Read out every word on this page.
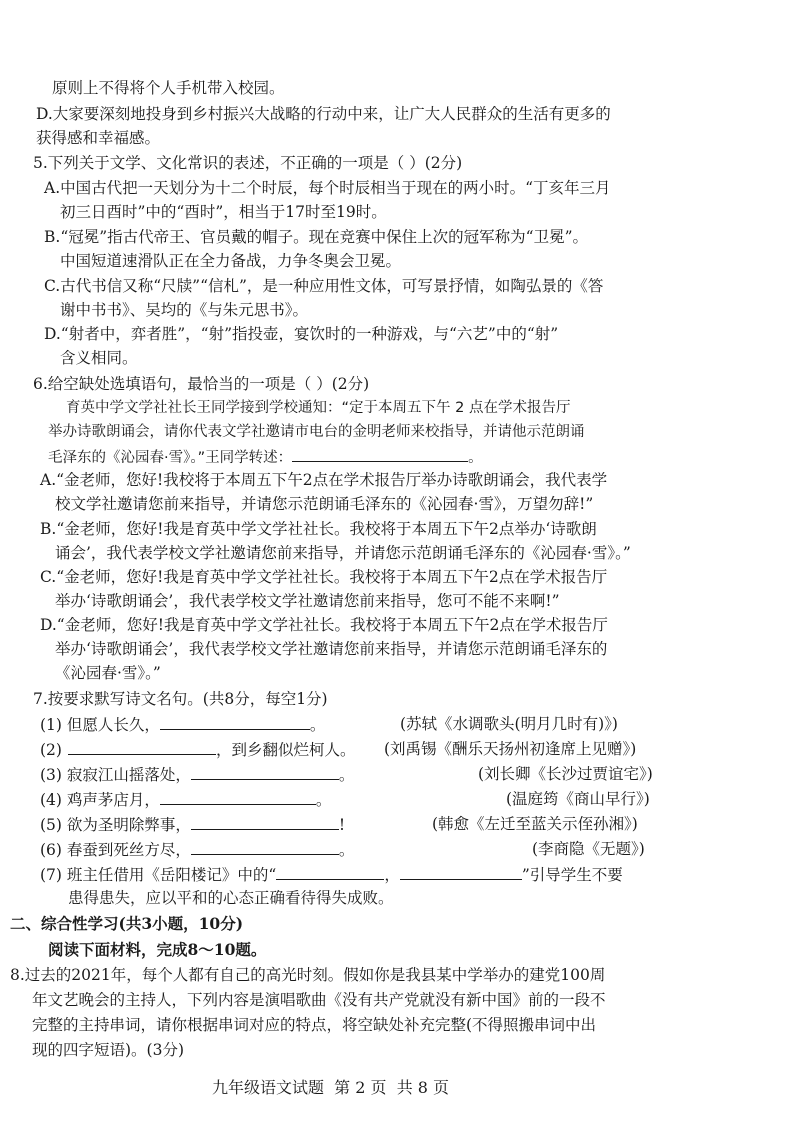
原则上不得将个人手机带入校园。
D.大家要深刻地投身到乡村振兴大战略的行动中来，让广大人民群众的生活有更多的
获得感和幸福感。
5.下列关于文学、文化常识的表述，不正确的一项是（ ）(2分)
A.中国古代把一天划分为十二个时辰，每个时辰相当于现在的两小时。“丁亥年三月
初三日酉时”中的“酉时”，相当于17时至19时。
B.“冠冕”指古代帝王、官员戴的帽子。现在竞赛中保住上次的冠军称为“卫冕”。
中国短道速滑队正在全力备战，力争冬奥会卫冕。
C.古代书信又称“尺牍”“信札”，是一种应用性文体，可写景抒情，如陶弘景的《答
谢中书书》、吴均的《与朱元思书》。
D.“射者中，弈者胜”，“射”指投壶，宴饮时的一种游戏，与“六艺”中的“射”
含义相同。
6.给空缺处选填语句，最恰当的一项是（ ）(2分)
育英中学文学社社长王同学接到学校通知：“定于本周五下午 2 点在学术报告厅
举办诗歌朗诵会，请你代表文学社邀请市电台的金明老师来校指导，并请他示范朗诵
毛泽东的《沁园春·雪》。”王同学转述：	。
A.“金老师，您好!我校将于本周五下午2点在学术报告厅举办诗歌朗诵会，我代表学
校文学社邀请您前来指导，并请您示范朗诵毛泽东的《沁园春·雪》，万望勿辞!”
B.“金老师，您好!我是育英中学文学社社长。我校将于本周五下午2点举办‘诗歌朗
诵会’，我代表学校文学社邀请您前来指导，并请您示范朗诵毛泽东的《沁园春·雪》。”
C.“金老师，您好!我是育英中学文学社社长。我校将于本周五下午2点在学术报告厅
举办‘诗歌朗诵会’，我代表学校文学社邀请您前来指导，您可不能不来啊!”
D.“金老师，您好!我是育英中学文学社社长。我校将于本周五下午2点在学术报告厅
举办‘诗歌朗诵会’，我代表学校文学社邀请您前来指导，并请您示范朗诵毛泽东的
《沁园春·雪》。”
7.按要求默写诗文名句。(共8分，每空1分)
(1) 但愿人长久，	。	(苏轼《水调歌头(明月几时有)》)
(2)	，到乡翻似烂柯人。 (刘禹锡《酬乐天扬州初逢席上见赠》)
(3) 寂寂江山摇落处，	。	(刘长卿《长沙过贾谊宅》)
(4) 鸡声茅店月，	。	(温庭筠《商山早行》)
(5) 欲为圣明除弊事，	!	(韩愈《左迁至蓝关示侄孙湘》)
(6) 春蚕到死丝方尽，	。	(李商隐《无题》)
(7) 班主任借用《岳阳楼记》中的“	，	”引导学生不要
患得患失，应以平和的心态正确看待得失成败。
二、综合性学习(共3小题，10分)
阅读下面材料，完成8～10题。
8.过去的2021年，每个人都有自己的高光时刻。假如你是我县某中学举办的建党100周
年文艺晚会的主持人，下列内容是演唱歌曲《没有共产党就没有新中国》前的一段不
完整的主持串词，请你根据串词对应的特点，将空缺处补充完整(不得照搬串词中出
现的四字短语)。(3分)
九年级语文试题  第 2 页  共 8 页
